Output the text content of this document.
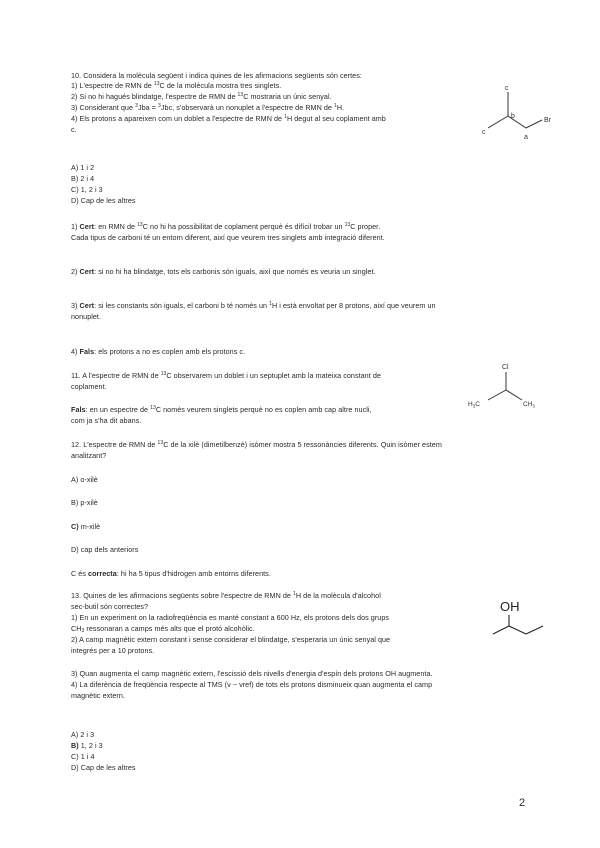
10. Considera la molècula següent i indica quines de les afirmacions següents són certes:
1) L'espectre de RMN de $^{13}$C de la molècula mostra tres singlets.
2) Si no hi hagués blindatge, l'espectre de RMN de $^{13}$C mostraria un únic senyal.
3) Considerant que $^3$Jba = $^3$Jbc, s'observarà un nonuplet a l'espectre de RMN de $^1$H.
4) Els protons a apareixen com un doblet a l'espectre de RMN de $^1$H degut al seu coplament amb
c.
c
b
Br
c
a
A) 1 i 2
B) 2 i 4
C) 1, 2 i 3
D) Cap de les altres
1) Cert: en RMN de $^{13}$C no hi ha possibilitat de coplament perquè és difícil trobar un $^{13}$C proper.
Cada tipus de carboni té un entorn diferent, així que veurem tres singlets amb integració diferent.
2) Cert: si no hi ha blindatge, tots els carbonis són iguals, així que només es veuria un singlet.
3) Cert: si les constants són iguals, el carboni b té només un $^1$H i està envoltat per 8 protons, així que veurem un
nonuplet.
4) Fals: els protons a no es coplen amb els protons c.
11. A l'espectre de RMN de $^{13}$C observarem un doblet i un septuplet amb la mateixa constant de
coplament.
Fals: en un espectre de $^{13}$C només veurem singlets perquè no es coplen amb cap altre nucli,
com ja s'ha dit abans.
Cl
$H_3C$	$CH_3$
12. L'espectre de RMN de $^{13}$C de la xilè (dimetilbenzè) isòmer mostra 5 ressonàncies diferents. Quin isòmer estem
analitzant?
A) o-xilè
B) p-xilè
C) m-xilè
D) cap dels anteriors
C és correcta: hi ha 5 tipus d'hidrogen amb entorns diferents.
13. Quines de les afirmacions següents sobre l'espectre de RMN de $^1$H de la molècula d'alcohol
sec-butil són correctes?
1) En un experiment on la radiofreqüència es manté constant a 600 Hz, els protons dels dos grups
$CH_3$ ressonaran a camps més alts que el protó alcohòlic.
2) A camp magnètic extern constant i sense considerar el blindatge, s'esperaria un únic senyal que
integrés per a 10 protons.
3) Quan augmenta el camp magnètic extern, l'escissió dels nivells d'energia d'espín dels protons OH augmenta.
4) La diferència de freqüència respecte al TMS (ν − νref) de tots els protons disminueix quan augmenta el camp
magnètic extern.
OH
A) 2 i 3
B) 1, 2 i 3
C) 1 i 4
D) Cap de les altres
2
